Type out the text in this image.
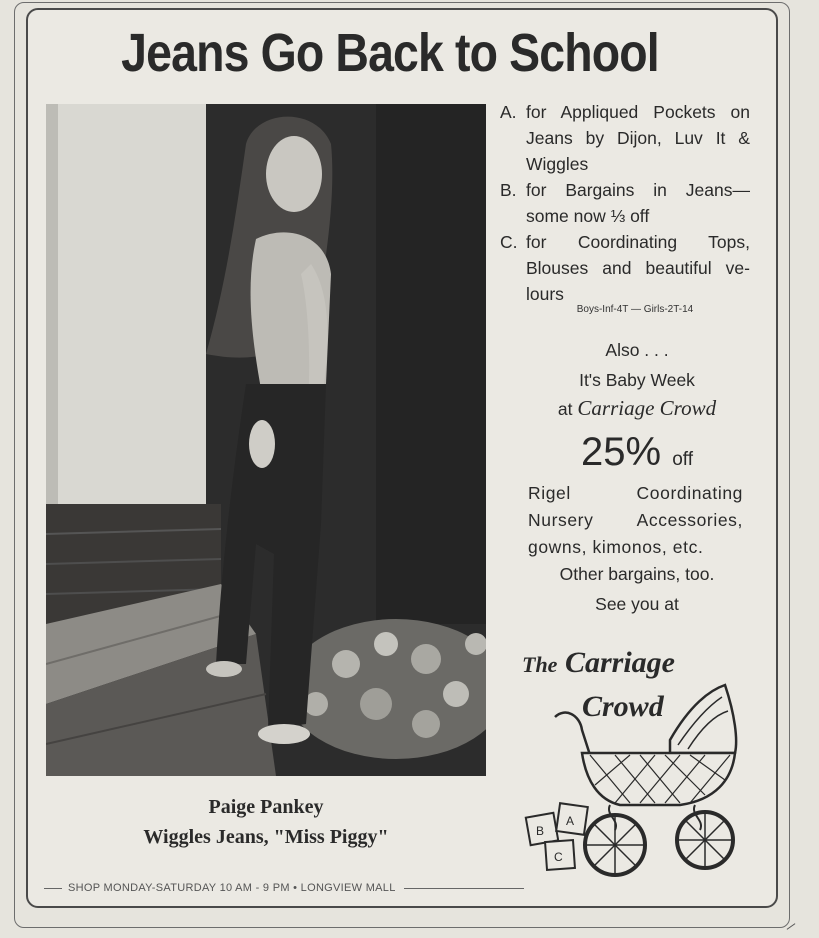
Jeans Go Back to School
Paige Pankey
Wiggles Jeans, "Miss Piggy"
A. for Appliqued Pockets on Jeans by Dijon, Luv It & Wiggles
B. for Bargains in Jeans— some now ⅓ off
C. for Coordinating Tops, Blouses and beautiful ve-lours
Boys-Inf-4T — Girls-2T-14
Also . . .
It's Baby Week
at Carriage Crowd
25% off
Rigel Coordinating
Nursery Accessories,
gowns, kimonos, etc.
Other bargains, too.
See you at
The Carriage
Crowd
B
A
C
SHOP MONDAY-SATURDAY 10 AM - 9 PM • LONGVIEW MALL
